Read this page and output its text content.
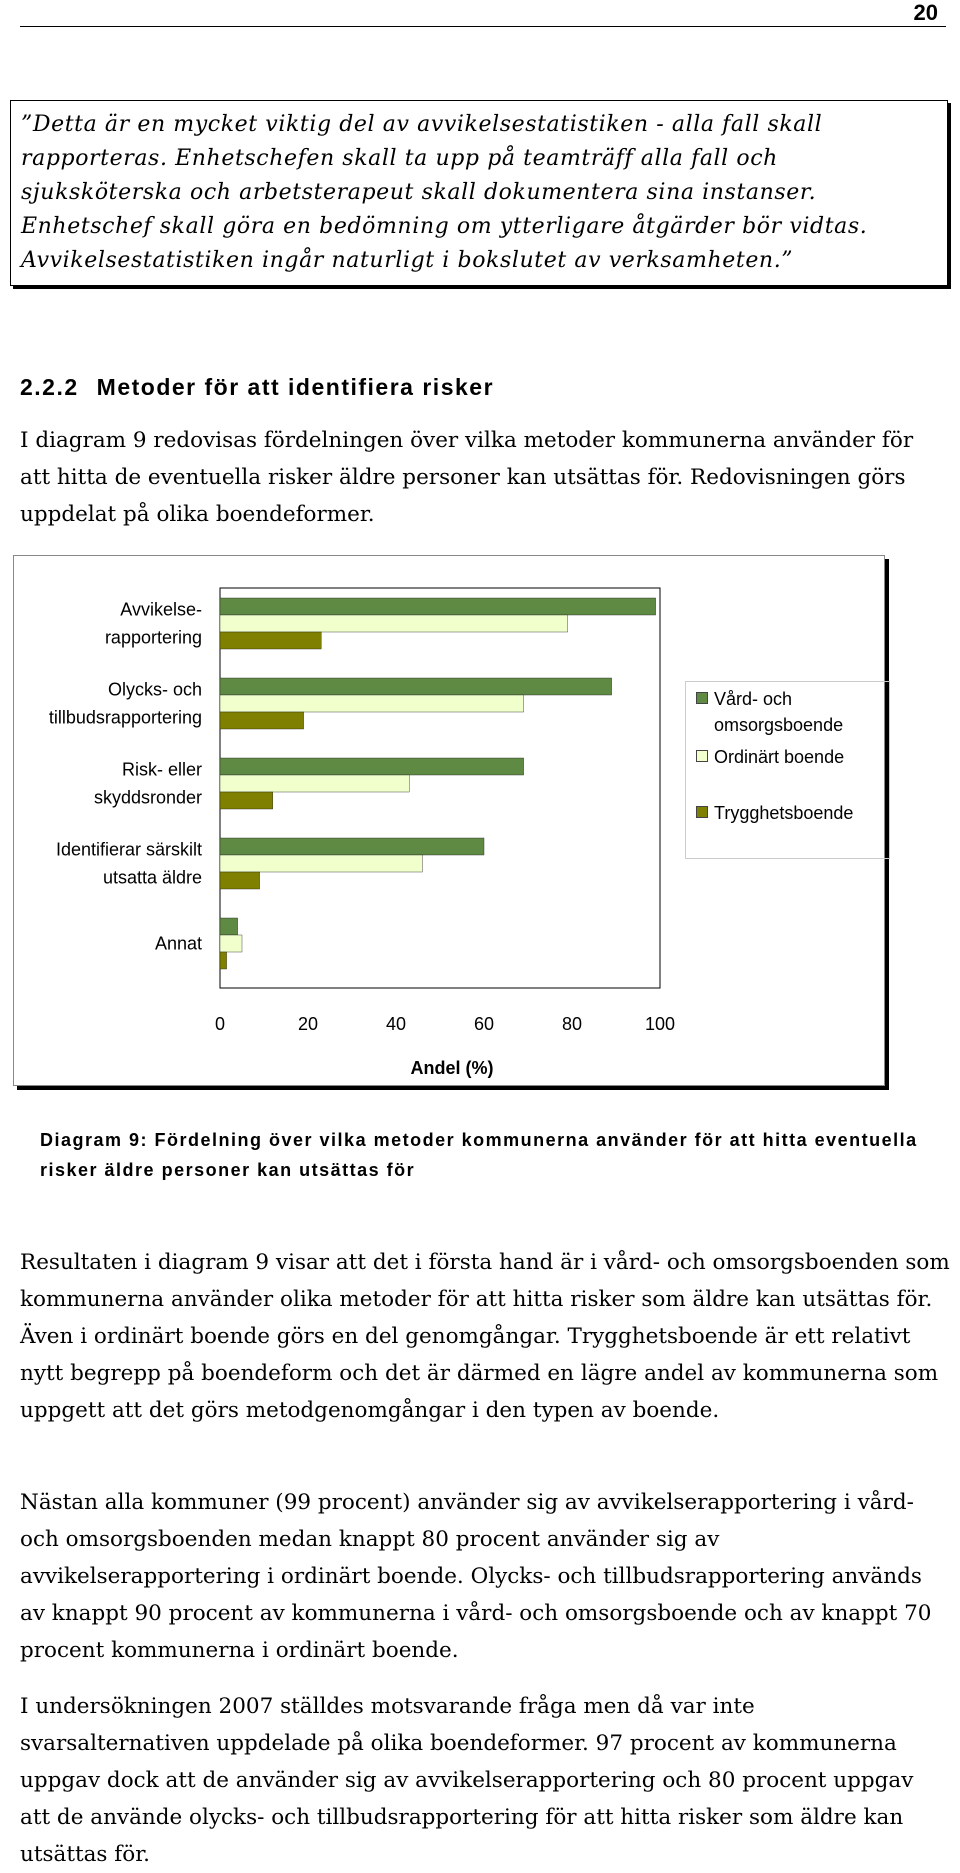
20
”Detta är en mycket viktig del av avvikelsestatistiken - alla fall skall rapporteras. Enhetschefen skall ta upp på teamträff alla fall och sjuksköterska och arbetsterapeut skall dokumentera sina instanser. Enhetschef skall göra en bedömning om ytterligare åtgärder bör vidtas. Avvikelsestatistiken ingår naturligt i bokslutet av verksamheten.”
2.2.2 Metoder för att identifiera risker

I diagram 9 redovisas fördelningen över vilka metoder kommunerna använder för att hitta de eventuella risker äldre personer kan utsättas för. Redovisningen görs uppdelat på olika boendeformer.

Avvikelse-rapportering
Olycks- och tillbudsrapportering
Risk- eller skyddsronder
Identifierar särskilt utsatta äldre
Annat
0	20	40	60	80	100
Andel (%)
Vård- och omsorgsboende
Ordinärt boende
Trygghetsboende
Diagram 9: Fördelning över vilka metoder kommunerna använder för att hitta eventuella risker äldre personer kan utsättas för

Resultaten i diagram 9 visar att det i första hand är i vård- och omsorgsboenden som kommunerna använder olika metoder för att hitta risker som äldre kan utsättas för. Även i ordinärt boende görs en del genomgångar. Trygghetsboende är ett relativt nytt begrepp på boendeform och det är därmed en lägre andel av kommunerna som uppgett att det görs metodgenomgångar i den typen av boende.

Nästan alla kommuner (99 procent) använder sig av avvikelserapportering i vård- och omsorgsboenden medan knappt 80 procent använder sig av avvikelserapportering i ordinärt boende. Olycks- och tillbudsrapportering används av knappt 90 procent av kommunerna i vård- och omsorgsboende och av knappt 70 procent kommunerna i ordinärt boende.

I undersökningen 2007 ställdes motsvarande fråga men då var inte svarsalternativen uppdelade på olika boendeformer. 97 procent av kommunerna uppgav dock att de använder sig av avvikelserapportering och 80 procent uppgav att de använde olycks- och tillbudsrapportering för att hitta risker som äldre kan utsättas för.
